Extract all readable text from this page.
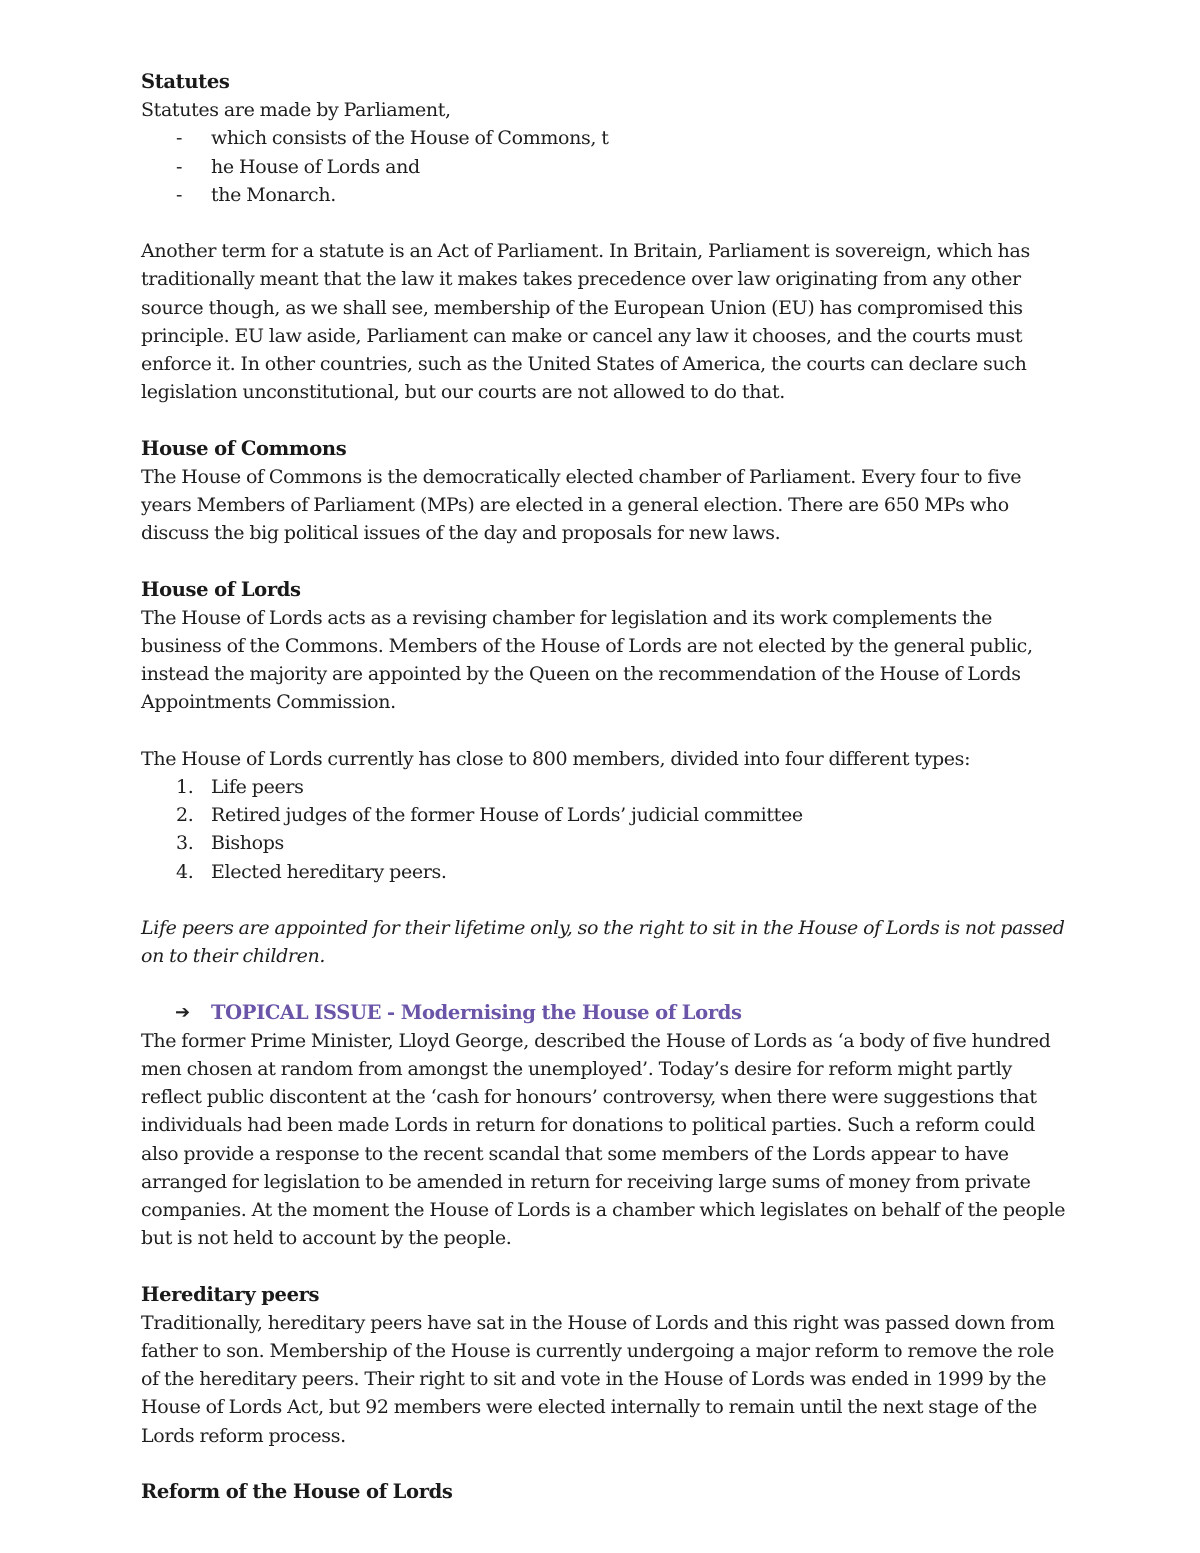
Statutes

Statutes are made by Parliament,

- which consists of the House of Commons, t
- he House of Lords and
- the Monarch.

Another term for a statute is an Act of Parliament. In Britain, Parliament is sovereign, which has traditionally meant that the law it makes takes precedence over law originating from any other source though, as we shall see, membership of the European Union (EU) has compromised this principle. EU law aside, Parliament can make or cancel any law it chooses, and the courts must enforce it. In other countries, such as the United States of America, the courts can declare such legislation unconstitutional, but our courts are not allowed to do that.

House of Commons

The House of Commons is the democratically elected chamber of Parliament. Every four to five years Members of Parliament (MPs) are elected in a general election. There are 650 MPs who discuss the big political issues of the day and proposals for new laws.

House of Lords

The House of Lords acts as a revising chamber for legislation and its work complements the business of the Commons. Members of the House of Lords are not elected by the general public, instead the majority are appointed by the Queen on the recommendation of the House of Lords Appointments Commission.

The House of Lords currently has close to 800 members, divided into four different types:

1. Life peers
2. Retired judges of the former House of Lords’ judicial committee
3. Bishops
4. Elected hereditary peers.

Life peers are appointed for their lifetime only, so the right to sit in the House of Lords is not passed on to their children.

➔ TOPICAL ISSUE - Modernising the House of Lords

The former Prime Minister, Lloyd George, described the House of Lords as ‘a body of five hundred men chosen at random from amongst the unemployed’. Today’s desire for reform might partly reflect public discontent at the ‘cash for honours’ controversy, when there were suggestions that individuals had been made Lords in return for donations to political parties. Such a reform could also provide a response to the recent scandal that some members of the Lords appear to have arranged for legislation to be amended in return for receiving large sums of money from private companies. At the moment the House of Lords is a chamber which legislates on behalf of the people but is not held to account by the people.

Hereditary peers

Traditionally, hereditary peers have sat in the House of Lords and this right was passed down from father to son. Membership of the House is currently undergoing a major reform to remove the role of the hereditary peers. Their right to sit and vote in the House of Lords was ended in 1999 by the House of Lords Act, but 92 members were elected internally to remain until the next stage of the Lords reform process.

Reform of the House of Lords
